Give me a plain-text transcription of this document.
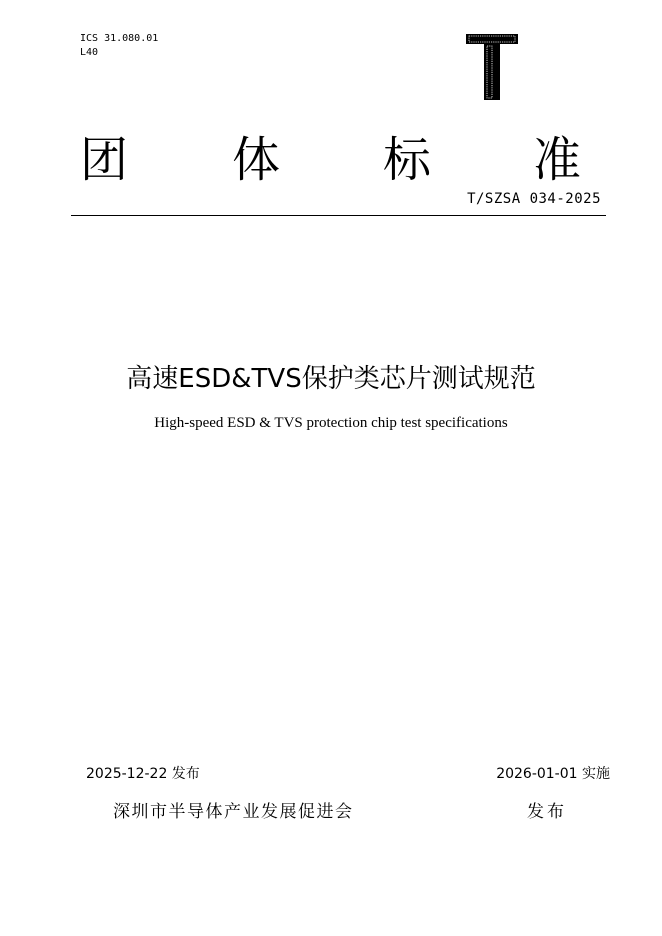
ICS 31.080.01
L40
T
团 体 标 准
T/SZSA 034-2025
高速ESD&TVS保护类芯片测试规范
High-speed ESD & TVS protection chip test specifications
2025-12-22 发布	2026-01-01 实施
深圳市半导体产业发展促进会	发布
